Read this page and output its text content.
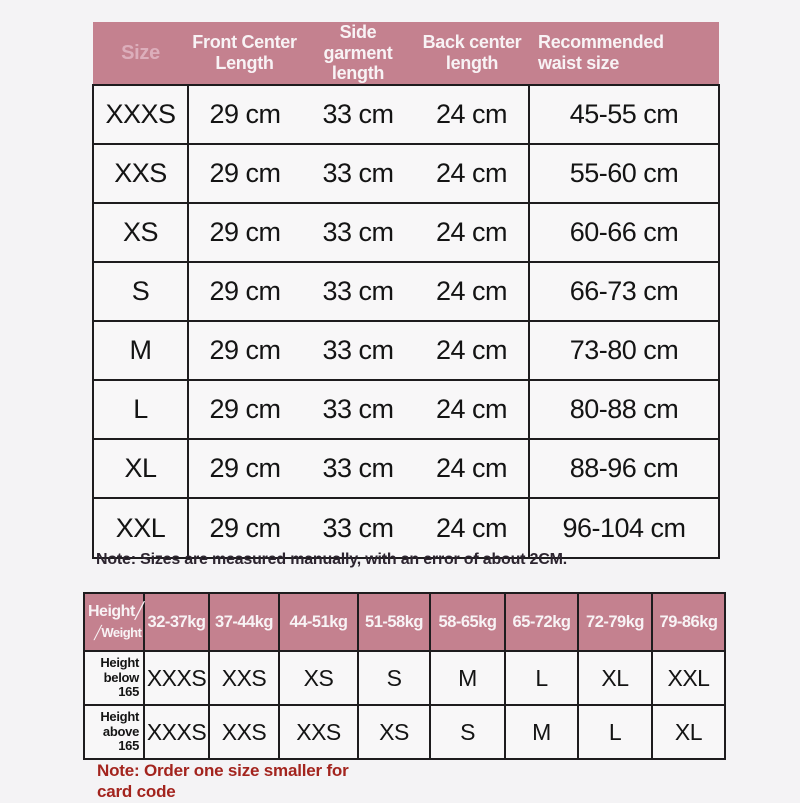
Size	Front Center Length	Side garment length	Back center length	Recommended waist size
XXXS	29 cm	33 cm	24 cm	45-55 cm
XXS	29 cm	33 cm	24 cm	55-60 cm
XS	29 cm	33 cm	24 cm	60-66 cm
S	29 cm	33 cm	24 cm	66-73 cm
M	29 cm	33 cm	24 cm	73-80 cm
L	29 cm	33 cm	24 cm	80-88 cm
XL	29 cm	33 cm	24 cm	88-96 cm
XXL	29 cm	33 cm	24 cm	96-104 cm
Note: Sizes are measured manually, with an error of about 2CM.
Height╱
╱Weight	32-37kg	37-44kg	44-51kg	51-58kg	58-65kg	65-72kg	72-79kg	79-86kg
Height below 165	XXXS	XXS	XS	S	M	L	XL	XXL
Height above 165	XXXS	XXS	XXS	XS	S	M	L	XL
Note: Order one size smaller for card code
